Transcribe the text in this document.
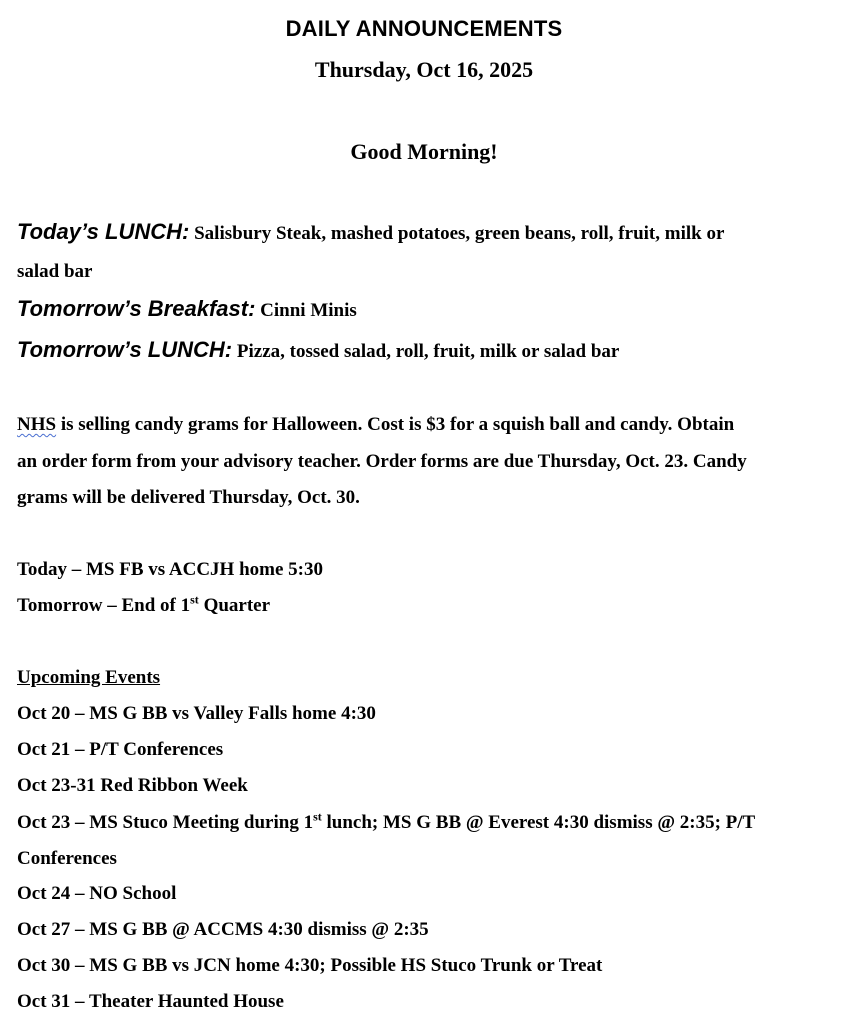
DAILY ANNOUNCEMENTS
Thursday, Oct 16, 2025
Good Morning!
Today’s LUNCH: Salisbury Steak, mashed potatoes, green beans, roll, fruit, milk or
salad bar
Tomorrow’s Breakfast: Cinni Minis
Tomorrow’s LUNCH: Pizza, tossed salad, roll, fruit, milk or salad bar
NHS is selling candy grams for Halloween. Cost is $3 for a squish ball and candy. Obtain
an order form from your advisory teacher. Order forms are due Thursday, Oct. 23. Candy
grams will be delivered Thursday, Oct. 30.
Today – MS FB vs ACCJH home 5:30
Tomorrow – End of 1st Quarter
Upcoming Events
Oct 20 – MS G BB vs Valley Falls home 4:30
Oct 21 – P/T Conferences
Oct 23-31 Red Ribbon Week
Oct 23 – MS Stuco Meeting during 1st lunch; MS G BB @ Everest 4:30 dismiss @ 2:35; P/T
Conferences
Oct 24 – NO School
Oct 27 – MS G BB @ ACCMS 4:30 dismiss @ 2:35
Oct 30 – MS G BB vs JCN home 4:30; Possible HS Stuco Trunk or Treat
Oct 31 – Theater Haunted House
